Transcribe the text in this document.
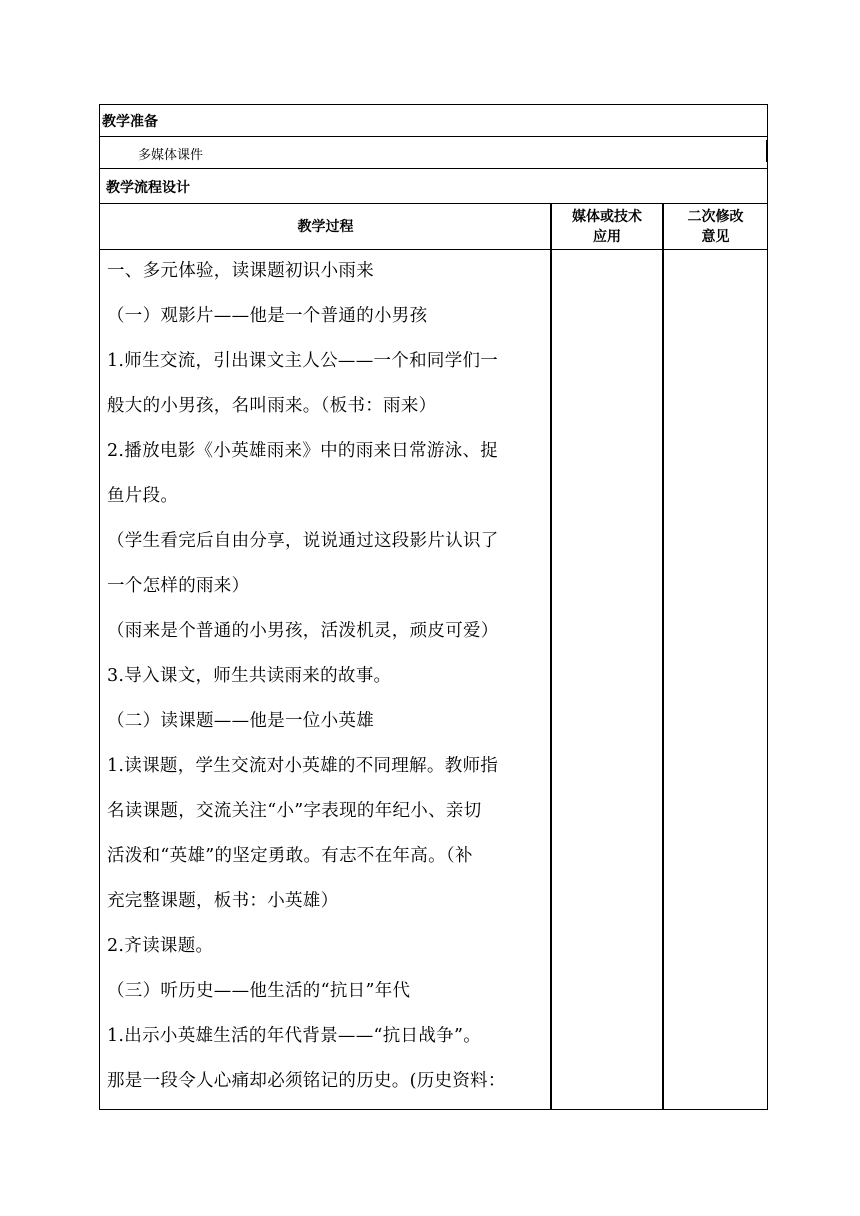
教学准备
多媒体课件
教学流程设计
教学过程
媒体或技术
应用
二次修改
意见
一、多元体验，读课题初识小雨来
（一）观影片——他是一个普通的小男孩
1.师生交流，引出课文主人公——一个和同学们一
般大的小男孩，名叫雨来。（板书：雨来）
2.播放电影《小英雄雨来》中的雨来日常游泳、捉
鱼片段。
（学生看完后自由分享，说说通过这段影片认识了
一个怎样的雨来）
（雨来是个普通的小男孩，活泼机灵，顽皮可爱）
3.导入课文，师生共读雨来的故事。
（二）读课题——他是一位小英雄
1.读课题，学生交流对小英雄的不同理解。教师指
名读课题，交流关注“小”字表现的年纪小、亲切
活泼和“英雄”的坚定勇敢。有志不在年高。（补
充完整课题，板书：小英雄）
2.齐读课题。
（三）听历史——他生活的“抗日”年代
1.出示小英雄生活的年代背景——“抗日战争”。
那是一段令人心痛却必须铭记的历史。(历史资料：
